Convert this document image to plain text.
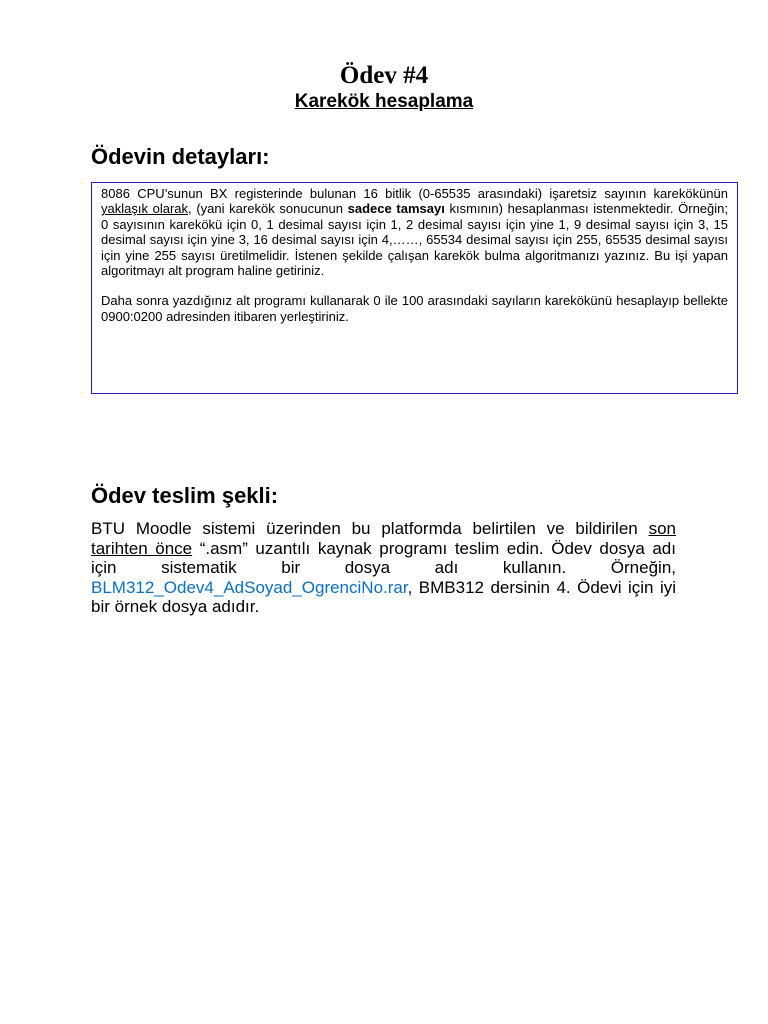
Ödev #4
Karekök hesaplama
Ödevin detayları:

8086 CPU’sunun BX registerinde bulunan 16 bitlik (0-65535 arasındaki) işaretsiz sayının karekökünün yaklaşık olarak, (yani karekök sonucunun sadece tamsayı kısmının) hesaplanması istenmektedir. Örneğin; 0 sayısının karekökü için 0, 1 desimal sayısı için 1, 2 desimal sayısı için yine 1, 9 desimal sayısı için 3, 15 desimal sayısı için yine 3, 16 desimal sayısı için 4,……, 65534 desimal sayısı için 255, 65535 desimal sayısı için yine 255 sayısı üretilmelidir. İstenen şekilde çalışan karekök bulma algoritmanızı yazınız. Bu işi yapan algoritmayı alt program haline getiriniz.

Daha sonra yazdığınız alt programı kullanarak 0 ile 100 arasındaki sayıların karekökünü hesaplayıp bellekte 0900:0200 adresinden itibaren yerleştiriniz.

Ödev teslim şekli:

BTU Moodle sistemi üzerinden bu platformda belirtilen ve bildirilen son tarihten önce “.asm” uzantılı kaynak programı teslim edin. Ödev dosya adı için sistematik bir dosya adı kullanın. Örneğin, BLM312_Odev4_AdSoyad_OgrenciNo.rar, BMB312 dersinin 4. Ödevi için iyi bir örnek dosya adıdır.
